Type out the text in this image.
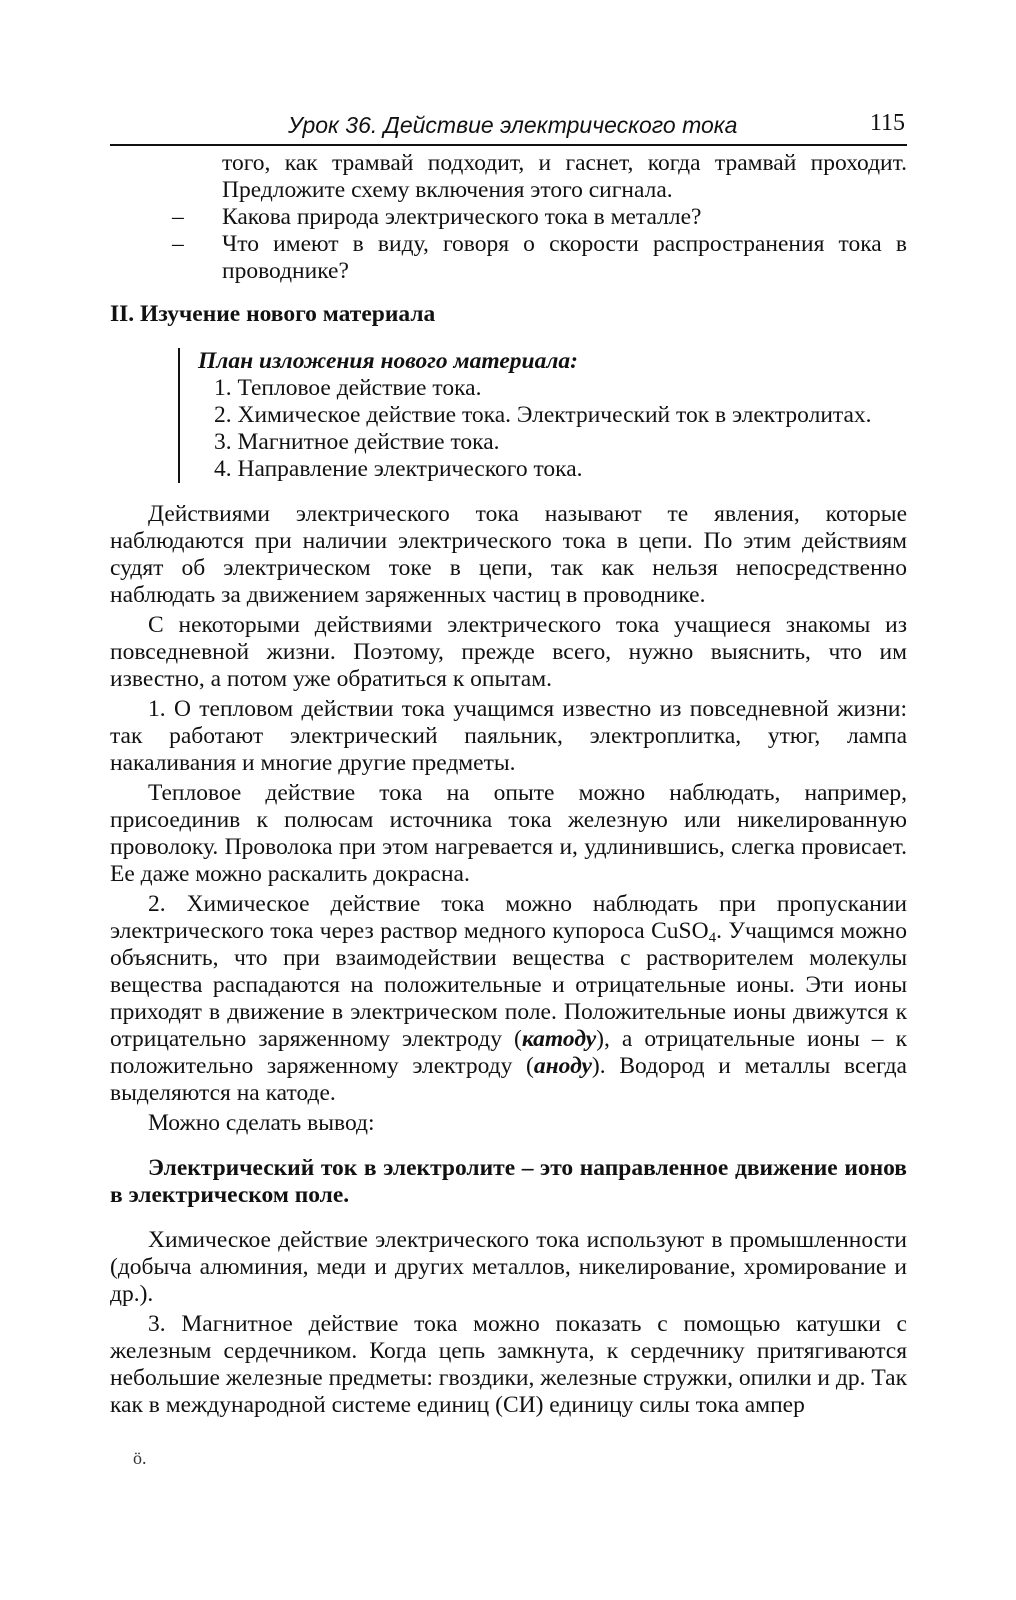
Урок 36. Действие электрического тока	115

того, как трамвай подходит, и гаснет, когда трамвай проходит. Предложите схему включения этого сигнала.

– Какова природа электрического тока в металле?

– Что имеют в виду, говоря о скорости распространения тока в проводнике?

II. Изучение нового материала

План изложения нового материала:

1. Тепловое действие тока.
2. Химическое действие тока. Электрический ток в электролитах.
3. Магнитное действие тока.
4. Направление электрического тока.

Действиями электрического тока называют те явления, которые наблюдаются при наличии электрического тока в цепи. По этим действиям судят об электрическом токе в цепи, так как нельзя непосредственно наблюдать за движением заряженных частиц в проводнике.

С некоторыми действиями электрического тока учащиеся знакомы из повседневной жизни. Поэтому, прежде всего, нужно выяснить, что им известно, а потом уже обратиться к опытам.

1. О тепловом действии тока учащимся известно из повседневной жизни: так работают электрический паяльник, электроплитка, утюг, лампа накаливания и многие другие предметы.

Тепловое действие тока на опыте можно наблюдать, например, присоединив к полюсам источника тока железную или никелированную проволоку. Проволока при этом нагревается и, удлинившись, слегка провисает. Ее даже можно раскалить докрасна.

2. Химическое действие тока можно наблюдать при пропускании электрического тока через раствор медного купороса CuSO$_4$. Учащимся можно объяснить, что при взаимодействии вещества с растворителем молекулы вещества распадаются на положительные и отрицательные ионы. Эти ионы приходят в движение в электрическом поле. Положительные ионы движутся к отрицательно заряженному электроду (катоду), а отрицательные ионы – к положительно заряженному электроду (аноду). Водород и металлы всегда выделяются на катоде.

Можно сделать вывод:

Электрический ток в электролите – это направленное движение ионов в электрическом поле.

Химическое действие электрического тока используют в промышленности (добыча алюминия, меди и других металлов, никелирование, хромирование и др.).

3. Магнитное действие тока можно показать с помощью катушки с железным сердечником. Когда цепь замкнута, к сердечнику притягиваются небольшие железные предметы: гвоздики, железные стружки, опилки и др. Так как в международной системе единиц (СИ) единицу силы тока ампер

ö.
